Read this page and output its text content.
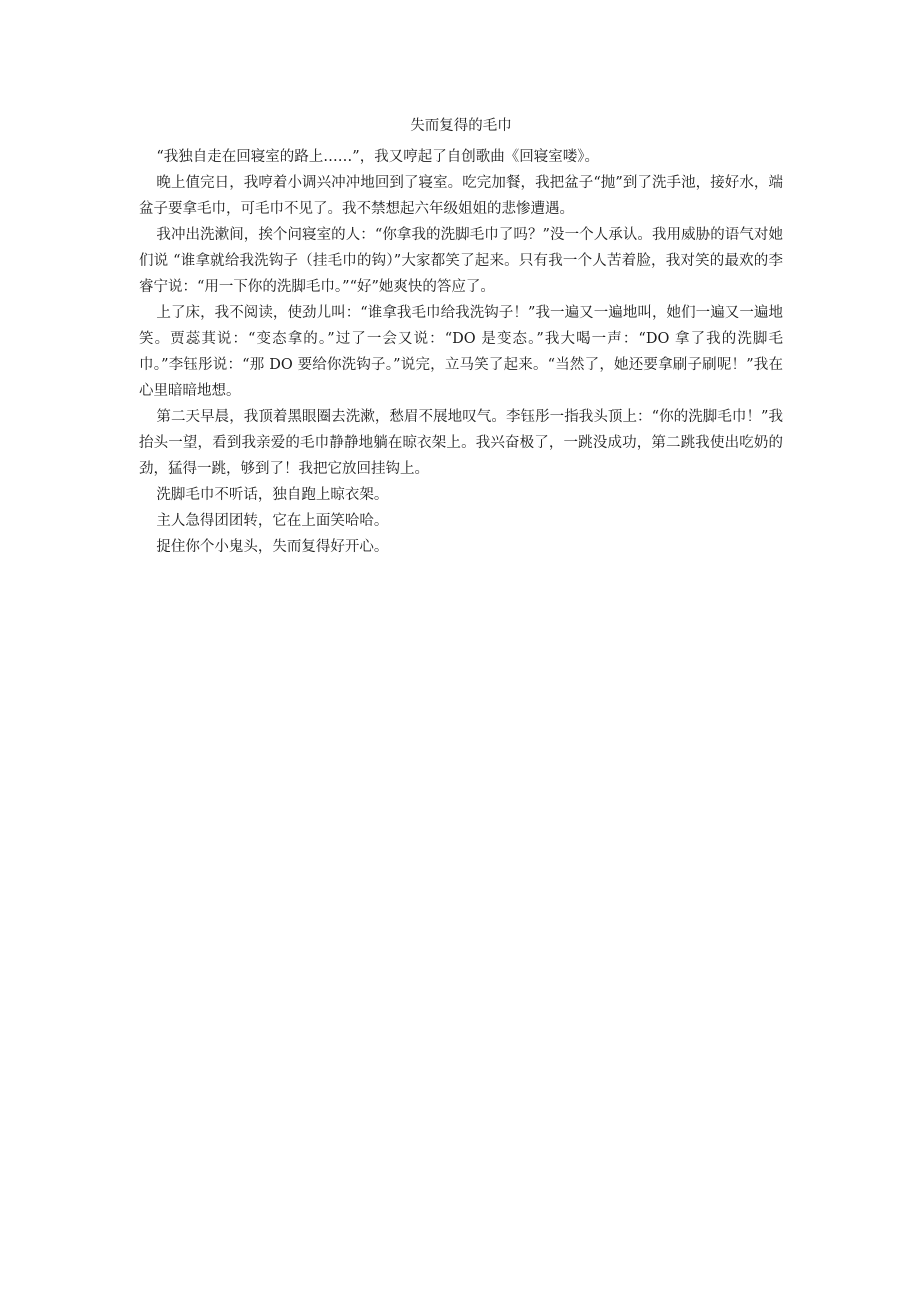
失而复得的毛巾

“我独自走在回寝室的路上……”，我又哼起了自创歌曲《回寝室喽》。

晚上值完日，我哼着小调兴冲冲地回到了寝室。吃完加餐，我把盆子“抛”到了洗手池，接好水，端盆子要拿毛巾，可毛巾不见了。我不禁想起六年级姐姐的悲惨遭遇。

我冲出洗漱间，挨个问寝室的人：“你拿我的洗脚毛巾了吗？”没一个人承认。我用威胁的语气对她们说 “谁拿就给我洗钩子（挂毛巾的钩）”大家都笑了起来。只有我一个人苦着脸，我对笑的最欢的李睿宁说：“用一下你的洗脚毛巾。”“好”她爽快的答应了。

上了床，我不阅读，使劲儿叫：“谁拿我毛巾给我洗钩子！”我一遍又一遍地叫，她们一遍又一遍地笑。贾蕊萁说：“变态拿的。”过了一会又说：“DO 是变态。”我大喝一声：“DO 拿了我的洗脚毛巾。”李钰彤说：“那 DO 要给你洗钩子。”说完，立马笑了起来。“当然了，她还要拿刷子刷呢！”我在心里暗暗地想。

第二天早晨，我顶着黑眼圈去洗漱，愁眉不展地叹气。李钰彤一指我头顶上：“你的洗脚毛巾！”我抬头一望，看到我亲爱的毛巾静静地躺在晾衣架上。我兴奋极了，一跳没成功，第二跳我使出吃奶的劲，猛得一跳，够到了！我把它放回挂钩上。

洗脚毛巾不听话，独自跑上晾衣架。

主人急得团团转，它在上面笑哈哈。

捉住你个小鬼头，失而复得好开心。
